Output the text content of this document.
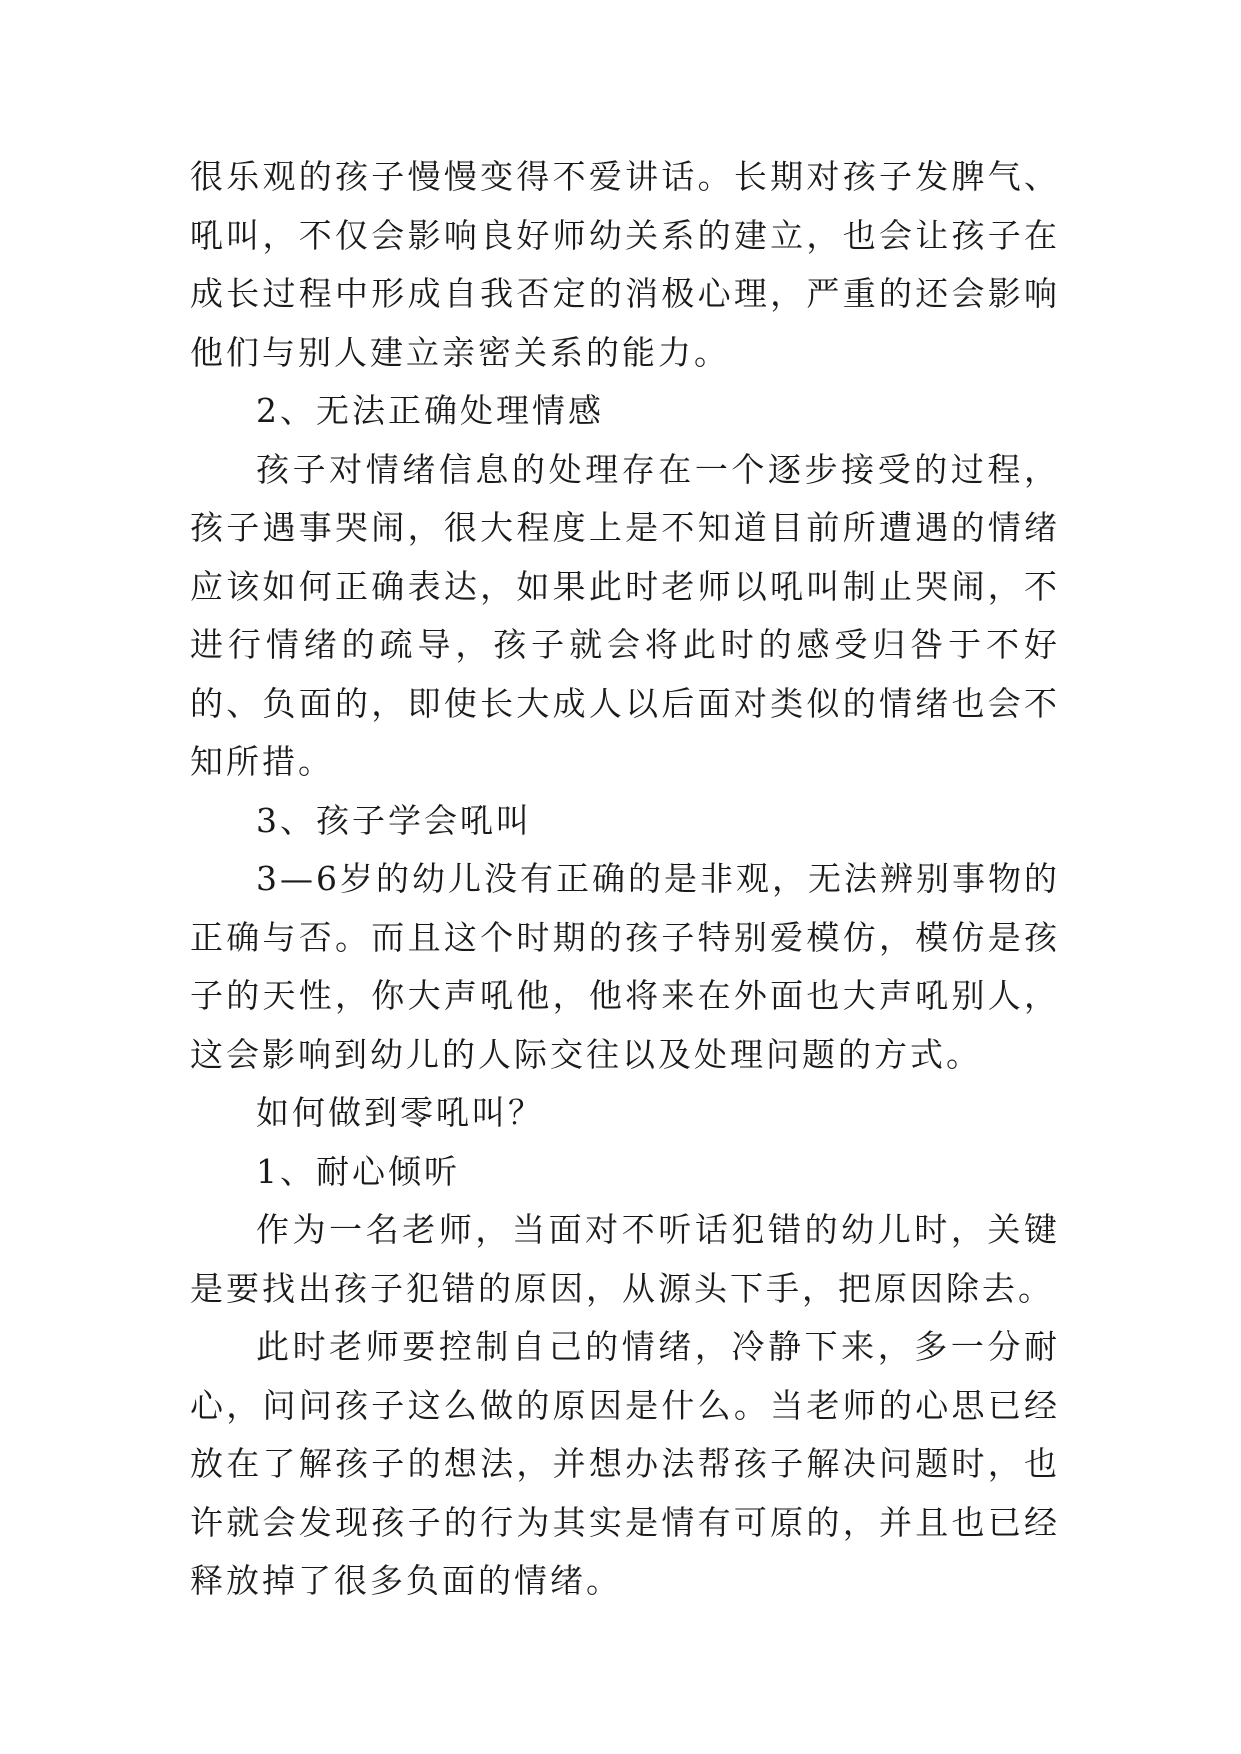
很乐观的孩子慢慢变得不爱讲话。长期对孩子发脾气、吼叫，不仅会影响良好师幼关系的建立，也会让孩子在成长过程中形成自我否定的消极心理，严重的还会影响他们与别人建立亲密关系的能力。

2、无法正确处理情感

孩子对情绪信息的处理存在一个逐步接受的过程，孩子遇事哭闹，很大程度上是不知道目前所遭遇的情绪应该如何正确表达，如果此时老师以吼叫制止哭闹，不进行情绪的疏导，孩子就会将此时的感受归咎于不好的、负面的，即使长大成人以后面对类似的情绪也会不知所措。

3、孩子学会吼叫

3—6岁的幼儿没有正确的是非观，无法辨别事物的正确与否。而且这个时期的孩子特别爱模仿，模仿是孩子的天性，你大声吼他，他将来在外面也大声吼别人，这会影响到幼儿的人际交往以及处理问题的方式。

如何做到零吼叫？

1、耐心倾听

作为一名老师，当面对不听话犯错的幼儿时，关键是要找出孩子犯错的原因，从源头下手，把原因除去。

此时老师要控制自己的情绪，冷静下来，多一分耐心，问问孩子这么做的原因是什么。当老师的心思已经放在了解孩子的想法，并想办法帮孩子解决问题时，也许就会发现孩子的行为其实是情有可原的，并且也已经释放掉了很多负面的情绪。
